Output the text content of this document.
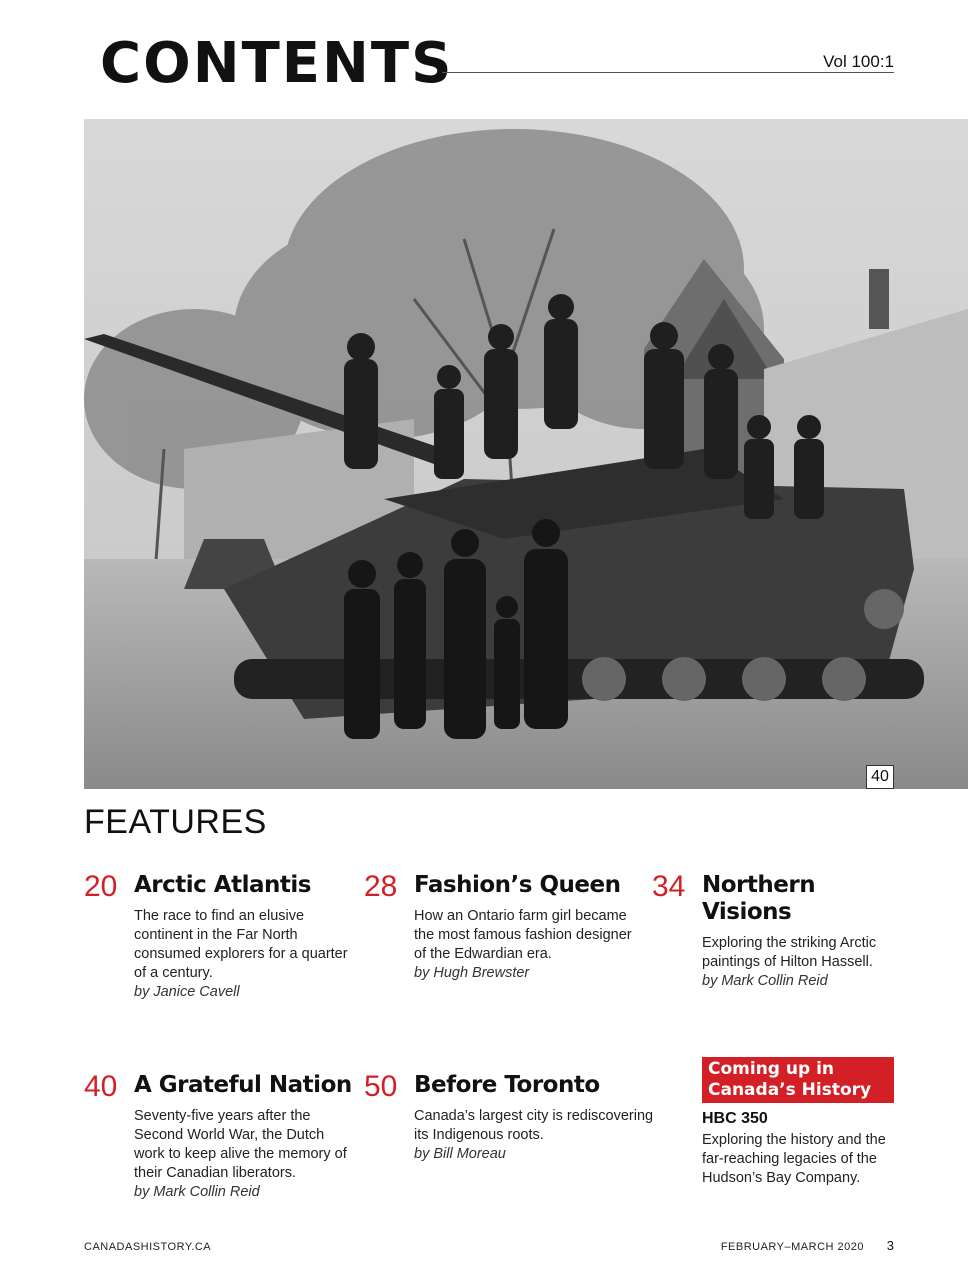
CONTENTS	Vol 100:1
40
FEATURES
20 Arctic Atlantis

The race to find an elusive continent in the Far North consumed explorers for a quarter of a century.

by Janice Cavell

28 Fashion’s Queen

How an Ontario farm girl became the most famous fashion designer of the Edwardian era.

by Hugh Brewster

34 Northern Visions

Exploring the striking Arctic paintings of Hilton Hassell.

by Mark Collin Reid

40 A Grateful Nation

Seventy-five years after the Second World War, the Dutch work to keep alive the memory of their Canadian liberators.

by Mark Collin Reid

50 Before Toronto

Canada’s largest city is rediscovering its Indigenous roots.

by Bill Moreau

Coming up in Canada’s History
HBC 350
Exploring the history and the far-reaching legacies of the Hudson’s Bay Company.
CANADASHISTORY.CA	FEBRUARY–MARCH 2020 3
